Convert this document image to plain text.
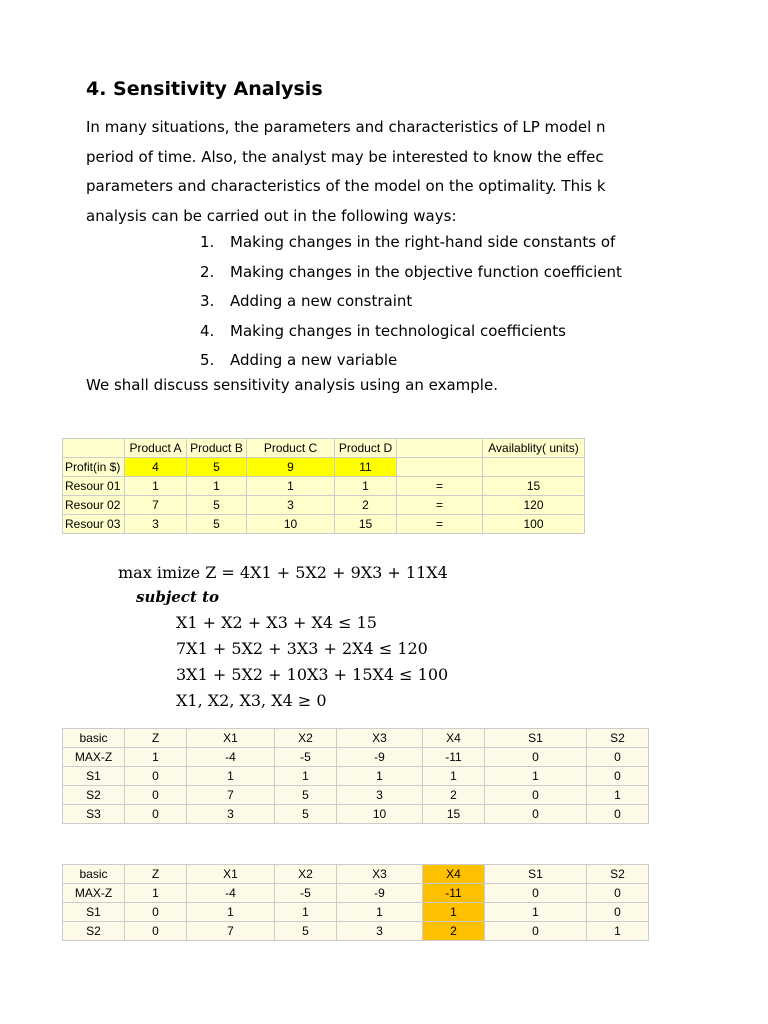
4. Sensitivity Analysis

In many situations, the parameters and characteristics of LP model n

period of time. Also, the analyst may be interested to know the effec

parameters and characteristics of the model on the optimality. This k

analysis can be carried out in the following ways:

1. Making changes in the right-hand side constants of
2. Making changes in the objective function coefficient
3. Adding a new constraint
4. Making changes in technological coefficients
5. Adding a new variable

We shall discuss sensitivity analysis using an example.

	Product A	Product B	Product C	Product D		Availablity( units)
Profit(in $)	4	5	9	11		
Resour 01	1	1	1	1	=	15
Resour 02	7	5	3	2	=	120
Resour 03	3	5	10	15	=	100
max imize Z = 4X1 + 5X2 + 9X3 + 11X4
subject to
X1 + X2 + X3 + X4 ≤ 15
7X1 + 5X2 + 3X3 + 2X4 ≤ 120
3X1 + 5X2 + 10X3 + 15X4 ≤ 100
X1, X2, X3, X4 ≥ 0
basic	Z	X1	X2	X3	X4	S1	S2
MAX-Z	1	-4	-5	-9	-11	0	0
S1	0	1	1	1	1	1	0
S2	0	7	5	3	2	0	1
S3	0	3	5	10	15	0	0
basic	Z	X1	X2	X3	X4	S1	S2
MAX-Z	1	-4	-5	-9	-11	0	0
S1	0	1	1	1	1	1	0
S2	0	7	5	3	2	0	1
